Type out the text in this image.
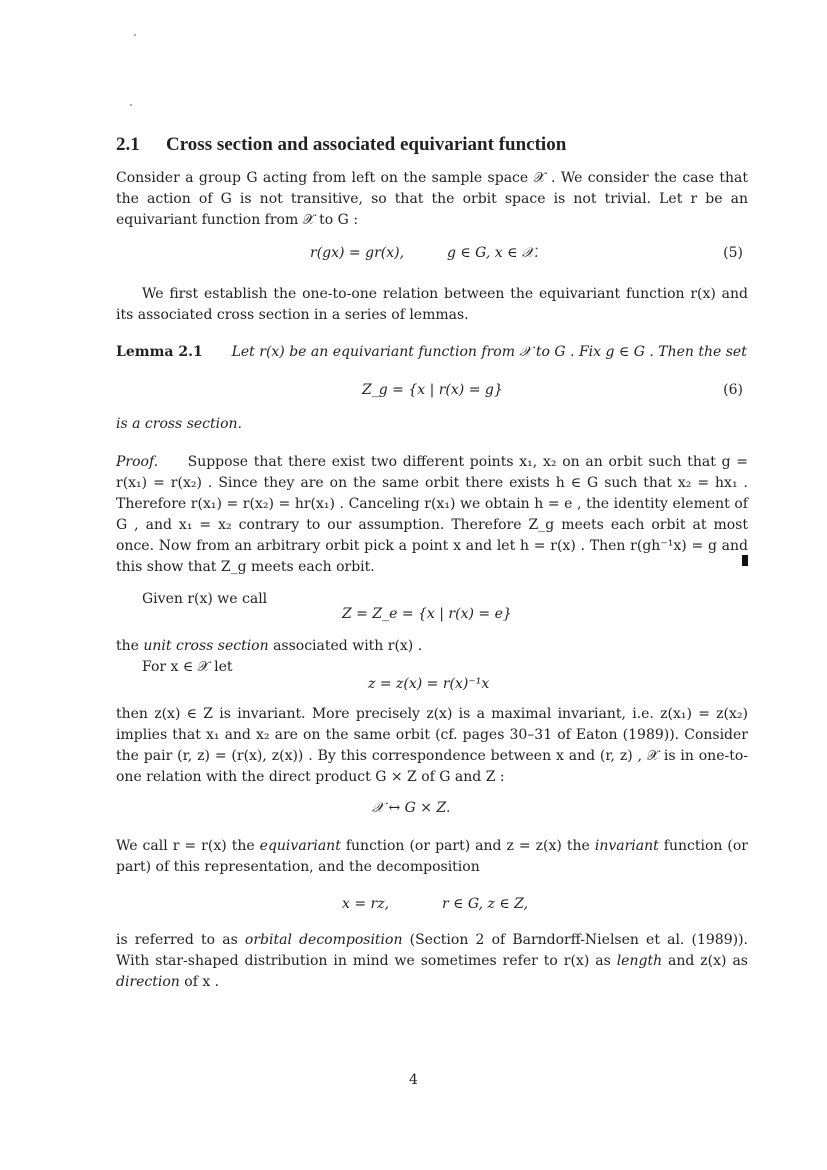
2.1 Cross section and associated equivariant function
Consider a group G acting from left on the sample space 𝒳 . We consider the case that the action of G is not transitive, so that the orbit space is not trivial. Let r be an equivariant function from 𝒳 to G :
r(gx) = gr(x),	g ∈ G, x ∈ 𝒳.	(5)
We first establish the one-to-one relation between the equivariant function r(x) and its associated cross section in a series of lemmas.
Lemma 2.1 Let r(x) be an equivariant function from 𝒳 to G . Fix g ∈ G . Then the set
Z_g = {x | r(x) = g}	(6)
is a cross section.
Proof. Suppose that there exist two different points x₁, x₂ on an orbit such that g = r(x₁) = r(x₂) . Since they are on the same orbit there exists h ∈ G such that x₂ = hx₁ . Therefore r(x₁) = r(x₂) = hr(x₁) . Canceling r(x₁) we obtain h = e , the identity element of G , and x₁ = x₂ contrary to our assumption. Therefore Z_g meets each orbit at most once. Now from an arbitrary orbit pick a point x and let h = r(x) . Then r(gh⁻¹x) = g and this show that Z_g meets each orbit.
Given r(x) we call
Z = Z_e = {x | r(x) = e}
the unit cross section associated with r(x) .
For x ∈ 𝒳 let
z = z(x) = r(x)⁻¹x
then z(x) ∈ Z is invariant. More precisely z(x) is a maximal invariant, i.e. z(x₁) = z(x₂) implies that x₁ and x₂ are on the same orbit (cf. pages 30–31 of Eaton (1989)). Consider the pair (r, z) = (r(x), z(x)) . By this correspondence between x and (r, z) , 𝒳 is in one-to-one relation with the direct product G × Z of G and Z :
𝒳 ↔ G × Z.
We call r = r(x) the equivariant function (or part) and z = z(x) the invariant function (or part) of this representation, and the decomposition
x = rz,	r ∈ G, z ∈ Z,
is referred to as orbital decomposition (Section 2 of Barndorff-Nielsen et al. (1989)). With star-shaped distribution in mind we sometimes refer to r(x) as length and z(x) as direction of x .
4
